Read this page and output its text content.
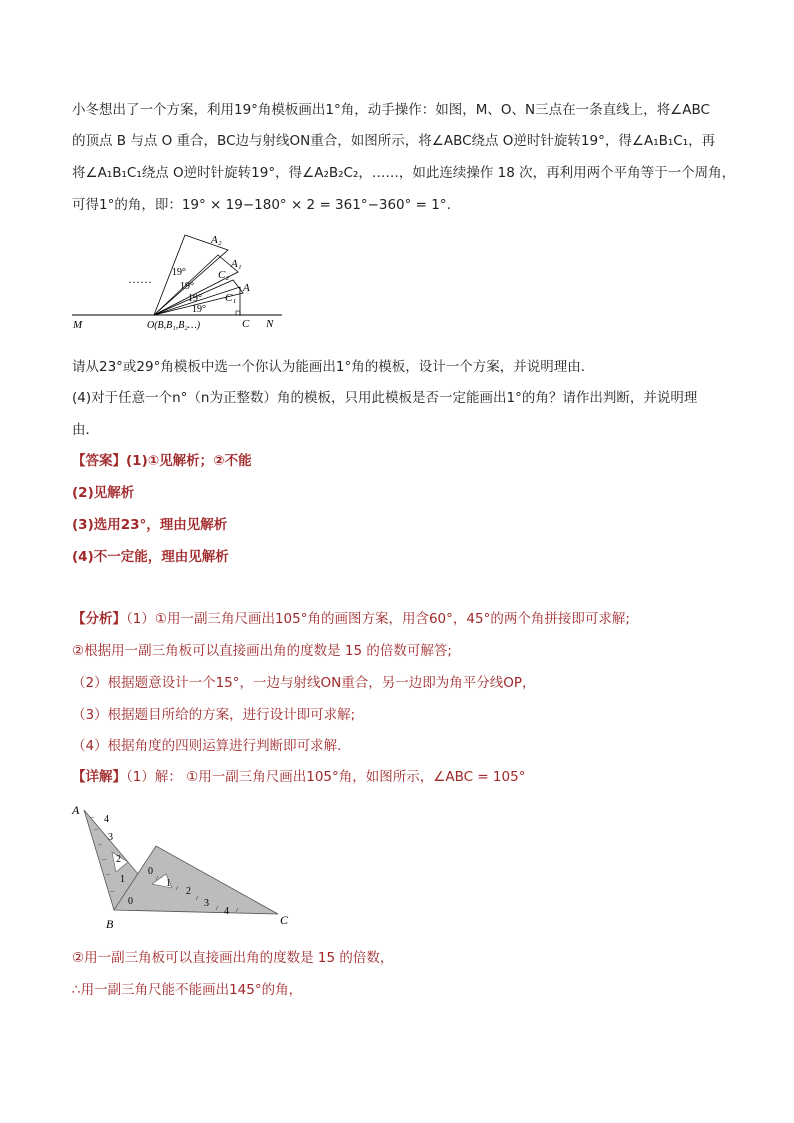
小冬想出了一个方案，利用19°角模板画出1°角，动手操作：如图，M、O、N三点在一条直线上，将∠ABC
的顶点 B 与点 O 重合，BC边与射线ON重合，如图所示，将∠ABC绕点 O逆时针旋转19°，得∠A₁B₁C₁，再
将∠A₁B₁C₁绕点 O逆时针旋转19°，得∠A₂B₂C₂，……，如此连续操作 18 次，再利用两个平角等于一个周角，
可得1°的角，即：19° × 19−180° × 2 = 361°−360° = 1°.
…… 19°
19°
19°
19°
A₂
A₁
C₂
C₁
A
M	O(B,B₁,B₂…)	C N
请从23°或29°角模板中选一个你认为能画出1°角的模板，设计一个方案，并说明理由．
(4)对于任意一个n°（n为正整数）角的模板，只用此模板是否一定能画出1°的角？请作出判断，并说明理
由．
【答案】(1)①见解析；②不能
(2)见解析
(3)选用23°，理由见解析
(4)不一定能，理由见解析
【分析】（1）①用一副三角尺画出105°角的画图方案，用含60°，45°的两个角拼接即可求解;
②根据用一副三角板可以直接画出角的度数是 15 的倍数可解答;
（2）根据题意设计一个15°，一边与射线ON重合，另一边即为角平分线OP，
（3）根据题目所给的方案，进行设计即可求解;
（4）根据角度的四则运算进行判断即可求解．
【详解】（1）解： ①用一副三角尺画出105°角，如图所示，∠ABC = 105°
4
3
2
1
0
0
1
2
3
4
A
B	C
②用一副三角板可以直接画出角的度数是 15 的倍数，
∴用一副三角尺能不能画出145°的角，
